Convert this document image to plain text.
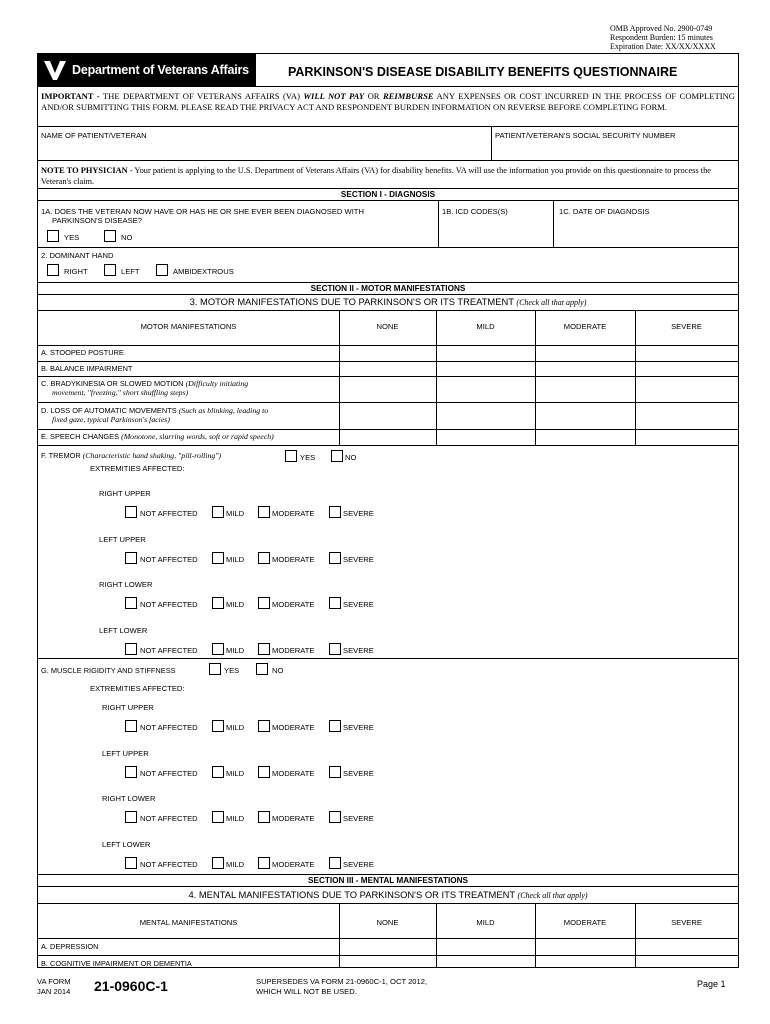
OMB Approved No. 2900-0749
Respondent Burden: 15 minutes
Expiration Date: XX/XX/XXXX
Department of Veterans Affairs	PARKINSON'S DISEASE DISABILITY BENEFITS QUESTIONNAIRE
IMPORTANT - THE DEPARTMENT OF VETERANS AFFAIRS (VA) WILL NOT PAY OR REIMBURSE ANY EXPENSES OR COST INCURRED IN THE PROCESS OF COMPLETING AND/OR SUBMITTING THIS FORM. PLEASE READ THE PRIVACY ACT AND RESPONDENT BURDEN INFORMATION ON REVERSE BEFORE COMPLETING FORM.
NAME OF PATIENT/VETERAN	PATIENT/VETERAN'S SOCIAL SECURITY NUMBER
NOTE TO PHYSICIAN - Your patient is applying to the U.S. Department of Veterans Affairs (VA) for disability benefits. VA will use the information you provide on this questionnaire to process the Veteran's claim.
SECTION I - DIAGNOSIS
1A. DOES THE VETERAN NOW HAVE OR HAS HE OR SHE EVER BEEN DIAGNOSED WITH
PARKINSON'S DISEASE?
YES	NO
1B. ICD CODES(S)	1C. DATE OF DIAGNOSIS
2. DOMINANT HAND
RIGHT	LEFT	AMBIDEXTROUS
SECTION II - MOTOR MANIFESTATIONS
3. MOTOR MANIFESTATIONS DUE TO PARKINSON'S OR ITS TREATMENT (Check all that apply)
MOTOR MANIFESTATIONS	NONE	MILD	MODERATE	SEVERE
A. STOOPED POSTURE
B. BALANCE IMPAIRMENT
C. BRADYKINESIA OR SLOWED MOTION (Difficulty initiating
movement, "freezing," short shuffling steps)
D. LOSS OF AUTOMATIC MOVEMENTS (Such as blinking, leading to
fixed gaze, typical Parkinson's facies)
E. SPEECH CHANGES (Monotone, slurring words, soft or rapid speech)
F. TREMOR (Characteristic hand shaking, "pill-rolling")	YES	NO
EXTREMITIES AFFECTED:
RIGHT UPPER
NOT AFFECTED	MILD	MODERATE	SEVERE
LEFT UPPER
NOT AFFECTED	MILD	MODERATE	SEVERE
RIGHT LOWER
NOT AFFECTED	MILD	MODERATE	SEVERE
LEFT LOWER
NOT AFFECTED	MILD	MODERATE	SEVERE
G. MUSCLE RIGIDITY AND STIFFNESS	YES	NO
EXTREMITIES AFFECTED:
RIGHT UPPER
NOT AFFECTED	MILD	MODERATE	SEVERE
LEFT UPPER
NOT AFFECTED	MILD	MODERATE	SEVERE
RIGHT LOWER
NOT AFFECTED	MILD	MODERATE	SEVERE
LEFT LOWER
NOT AFFECTED	MILD	MODERATE	SEVERE
SECTION III - MENTAL MANIFESTATIONS
4. MENTAL MANIFESTATIONS DUE TO PARKINSON'S OR ITS TREATMENT (Check all that apply)
MENTAL MANIFESTATIONS	NONE	MILD	MODERATE	SEVERE
A. DEPRESSION
B. COGNITIVE IMPAIRMENT OR DEMENTIA
VA FORM
JAN 2014 21-0960C-1	SUPERSEDES VA FORM 21-0960C-1, OCT 2012,
WHICH WILL NOT BE USED.
Page 1
